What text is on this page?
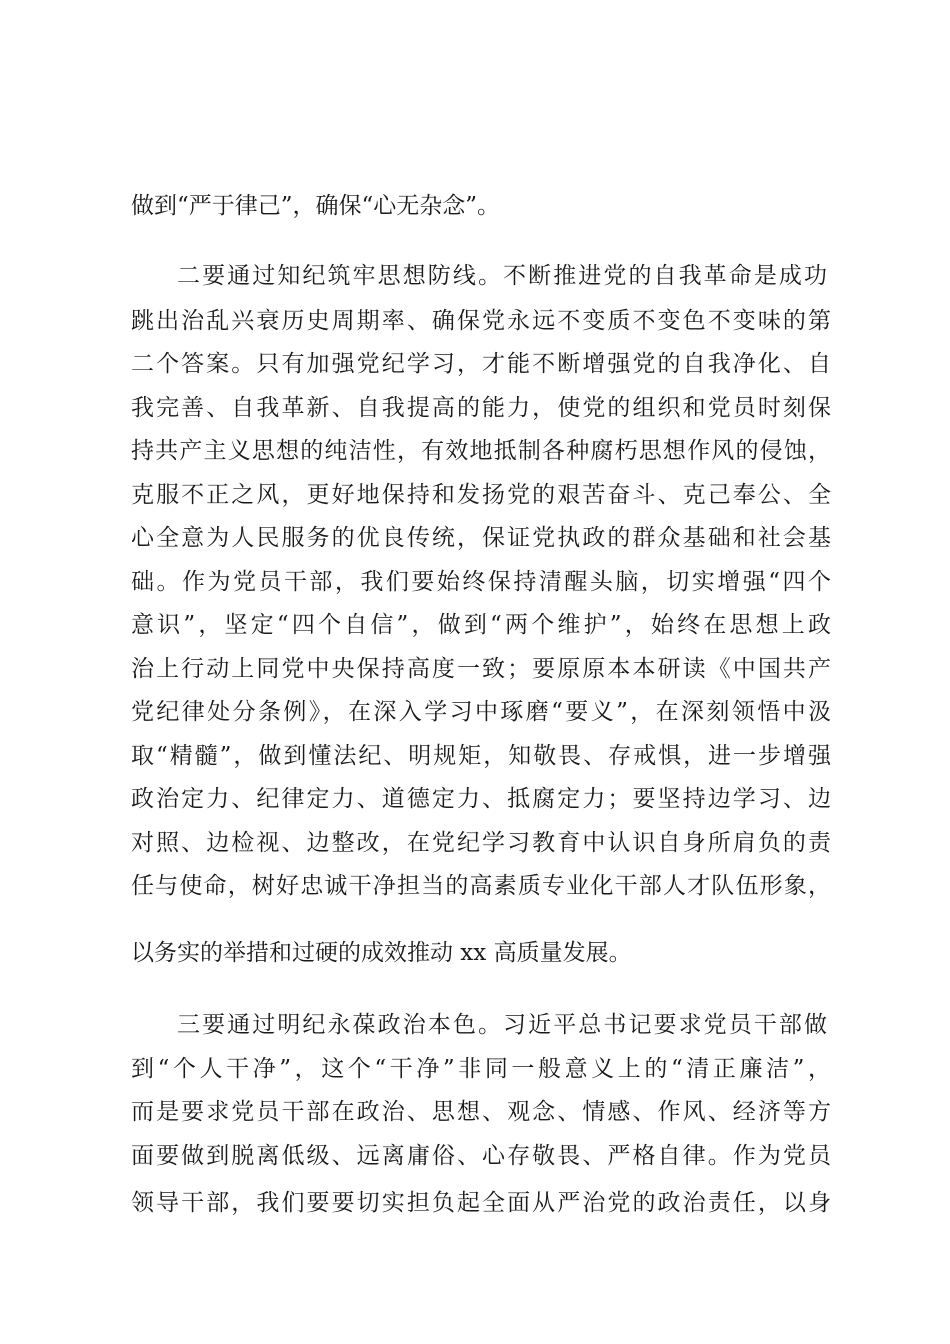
做到“严于律己”，确保“心无杂念”。
二要通过知纪筑牢思想防线。不断推进党的自我革命是成功
跳出治乱兴衰历史周期率、确保党永远不变质不变色不变味的第
二个答案。只有加强党纪学习，才能不断增强党的自我净化、自
我完善、自我革新、自我提高的能力，使党的组织和党员时刻保
持共产主义思想的纯洁性，有效地抵制各种腐朽思想作风的侵蚀，
克服不正之风，更好地保持和发扬党的艰苦奋斗、克己奉公、全
心全意为人民服务的优良传统，保证党执政的群众基础和社会基
础。作为党员干部，我们要始终保持清醒头脑，切实增强“四个
意识”，坚定“四个自信”，做到“两个维护”，始终在思想上政
治上行动上同党中央保持高度一致；要原原本本研读《中国共产
党纪律处分条例》，在深入学习中琢磨“要义”，在深刻领悟中汲
取“精髓”，做到懂法纪、明规矩，知敬畏、存戒惧，进一步增强
政治定力、纪律定力、道德定力、抵腐定力；要坚持边学习、边
对照、边检视、边整改，在党纪学习教育中认识自身所肩负的责
任与使命，树好忠诚干净担当的高素质专业化干部人才队伍形象，
以务实的举措和过硬的成效推动 xx 高质量发展。
三要通过明纪永葆政治本色。习近平总书记要求党员干部做
到“个人干净”，这个“干净”非同一般意义上的“清正廉洁”，
而是要求党员干部在政治、思想、观念、情感、作风、经济等方
面要做到脱离低级、远离庸俗、心存敬畏、严格自律。作为党员
领导干部，我们要要切实担负起全面从严治党的政治责任，以身
